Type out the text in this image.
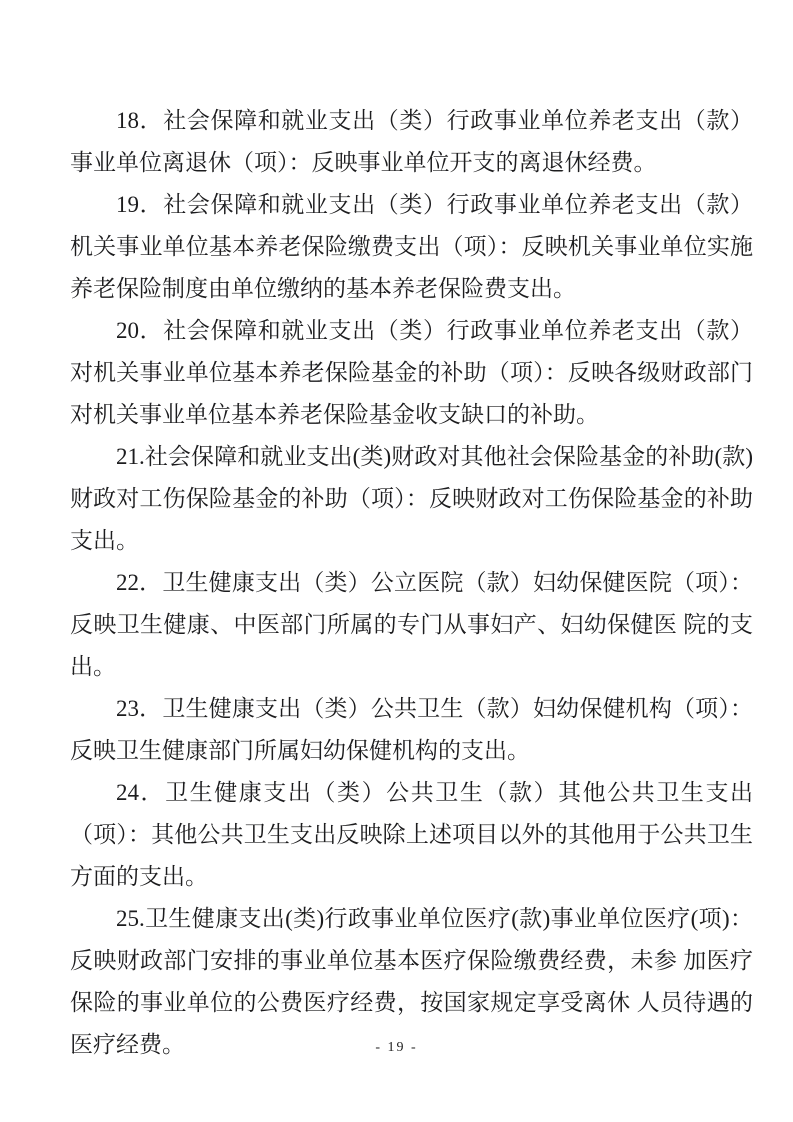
18．社会保障和就业支出（类）行政事业单位养老支出（款）事业单位离退休（项）：反映事业单位开支的离退休经费。

19．社会保障和就业支出（类）行政事业单位养老支出（款）机关事业单位基本养老保险缴费支出（项）：反映机关事业单位实施养老保险制度由单位缴纳的基本养老保险费支出。

20．社会保障和就业支出（类）行政事业单位养老支出（款）对机关事业单位基本养老保险基金的补助（项）：反映各级财政部门对机关事业单位基本养老保险基金收支缺口的补助。

21.社会保障和就业支出(类)财政对其他社会保险基金的补助(款)财政对工伤保险基金的补助（项）：反映财政对工伤保险基金的补助支出。

22．卫生健康支出（类）公立医院（款）妇幼保健医院（项）：反映卫生健康、中医部门所属的专门从事妇产、妇幼保健医 院的支出。

23．卫生健康支出（类）公共卫生（款）妇幼保健机构（项）：反映卫生健康部门所属妇幼保健机构的支出。

24．卫生健康支出（类）公共卫生（款）其他公共卫生支出（项）：其他公共卫生支出反映除上述项目以外的其他用于公共卫生 方面的支出。

25.卫生健康支出(类)行政事业单位医疗(款)事业单位医疗(项)：反映财政部门安排的事业单位基本医疗保险缴费经费，未参 加医疗保险的事业单位的公费医疗经费，按国家规定享受离休 人员待遇的医疗经费。	- 19 -
